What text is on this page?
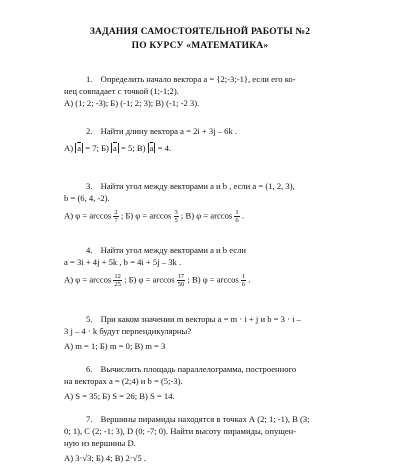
ЗАДАНИЯ САМОСТОЯТЕЛЬНОЙ РАБОТЫ №2
ПО КУРСУ «МАТЕМАТИКА»
1. Определить начало вектора a = {2;-3;-1}, если его ко-
нец совпадает с точкой (1;-1;2).
А) (1; 2; -3); Б) (-1; 2; 3); В) (-1; -2 3).
2. Найти длину вектора a = 2i + 3j – 6k .
А) $\overline{a} = 7$; Б) $\overline{a} = 5$; В) $\overline{a} = 4$.
3. Найти угол между векторами a и b , если a = (1, 2, 3),
b = (6, 4, -2).
А) $\varphi = \arccos \frac{2}{7}$ ; Б) $\varphi = \arccos \frac{3}{5}$ ; В) $\varphi = \arccos \frac{1}{6}$ .
4. Найти угол между векторами a и b если
a = 3i + 4j + 5k , b = 4i + 5j – 3k .
А) $\varphi = \arccos \frac{12}{25}$ ; Б) $\varphi = \arccos \frac{17}{50}$ ; В) $\varphi = \arccos \frac{1}{6}$ .
5. При каком значении m векторы a = m · i + j и b = 3 · i –
3 j – 4 · k будут перпендикулярны?
А) m = 1; Б) m = 0; В) m = 3
6. Вычислить площадь параллелограмма, построенного
на векторах a = (2;4) и b = (5;-3).
А) S = 35; Б) S = 26; В) S = 14.
7. Вершины пирамиды находятся в точках А (2; 1; -1), В (3;
0; 1), С (2; -1; 3), D (0; -7; 0). Найти высоту пирамиды, опущен-
ную из вершины D.
А) 3·√3; Б) 4; В) 2·√5 .
